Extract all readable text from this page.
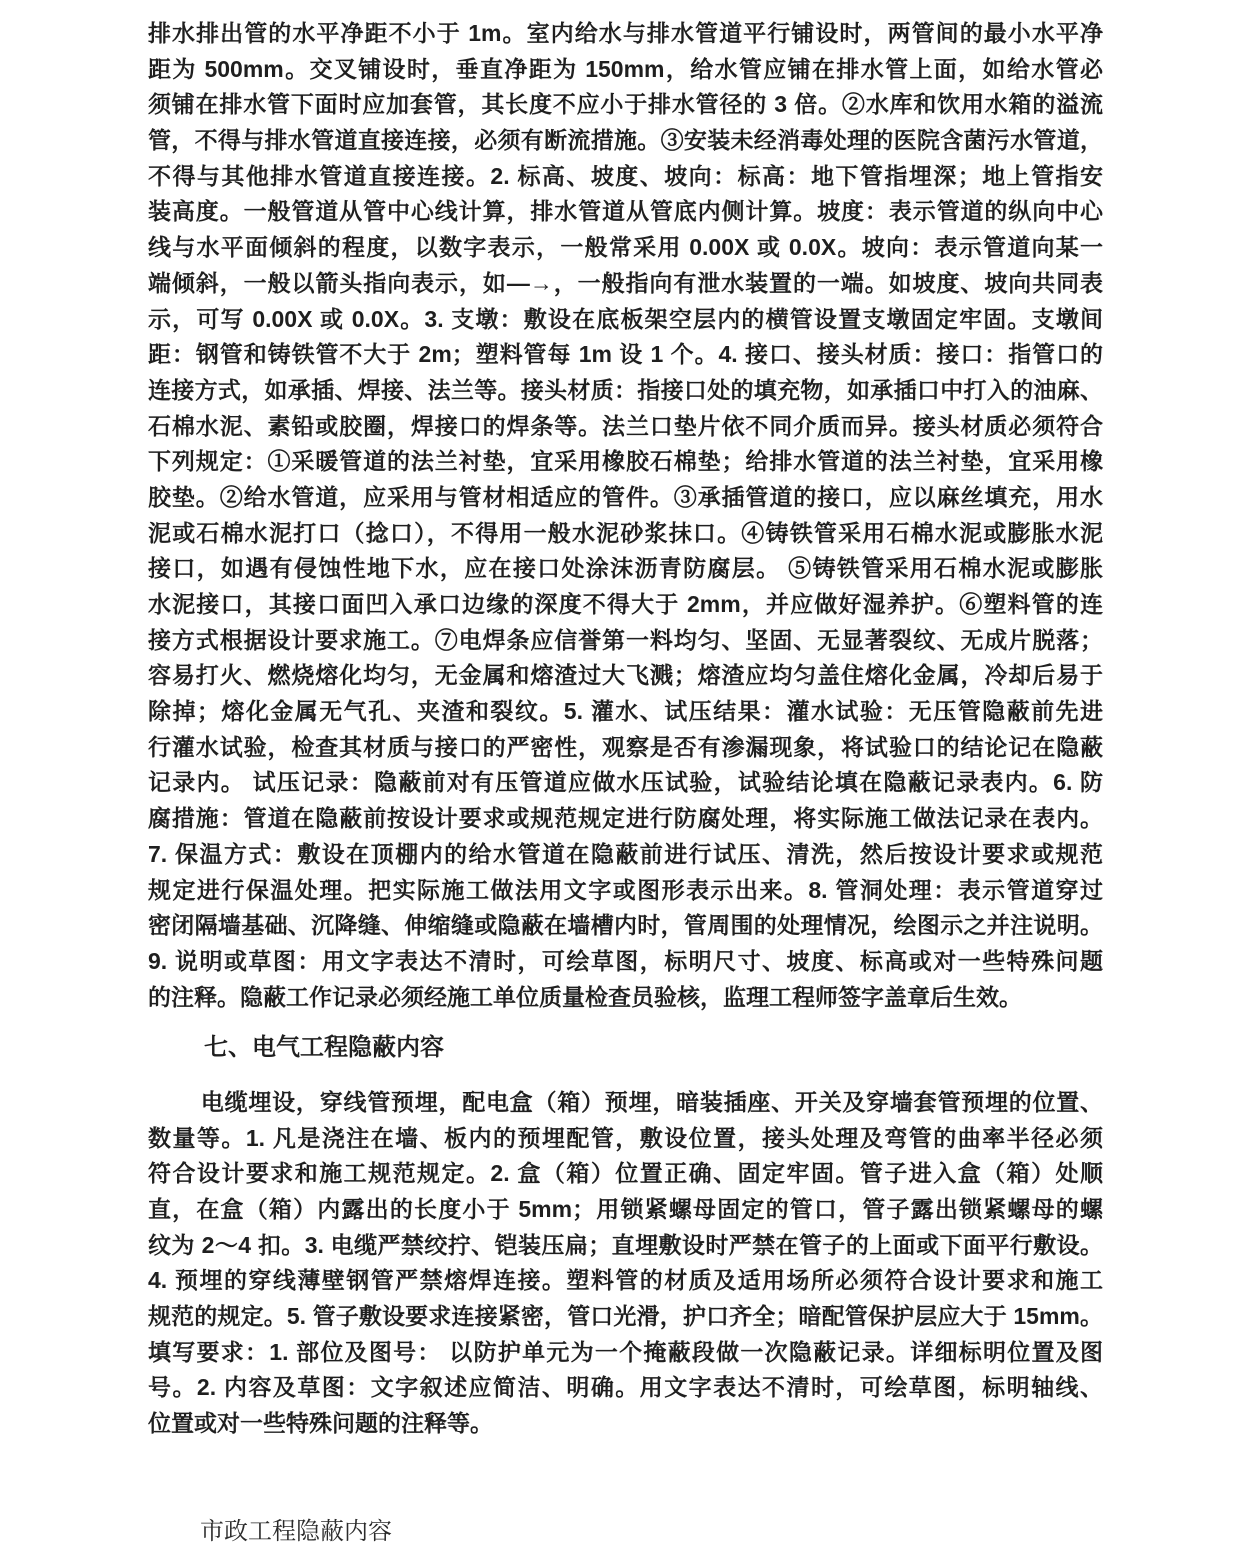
排水排出管的水平净距不小于 1m。室内给水与排水管道平行铺设时，两管间的最小水平净
距为 500mm。交叉铺设时，垂直净距为 150mm，给水管应铺在排水管上面，如给水管必
须铺在排水管下面时应加套管，其长度不应小于排水管径的 3 倍。②水库和饮用水箱的溢流
管，不得与排水管道直接连接，必须有断流措施。③安装未经消毒处理的医院含菌污水管道，
不得与其他排水管道直接连接。2. 标高、坡度、坡向：标高：地下管指埋深；地上管指安
装高度。一般管道从管中心线计算，排水管道从管底内侧计算。坡度：表示管道的纵向中心
线与水平面倾斜的程度，以数字表示，一般常采用 0.00X 或 0.0X。坡向：表示管道向某一
端倾斜，一般以箭头指向表示，如—→，一般指向有泄水装置的一端。如坡度、坡向共同表
示，可写 0.00X 或 0.0X。3. 支墩：敷设在底板架空层内的横管设置支墩固定牢固。支墩间
距：钢管和铸铁管不大于 2m；塑料管每 1m 设 1 个。4. 接口、接头材质：接口：指管口的
连接方式，如承插、焊接、法兰等。接头材质：指接口处的填充物，如承插口中打入的油麻、
石棉水泥、素铅或胶圈，焊接口的焊条等。法兰口垫片依不同介质而异。接头材质必须符合
下列规定：①采暖管道的法兰衬垫，宜采用橡胶石棉垫；给排水管道的法兰衬垫，宜采用橡
胶垫。②给水管道，应采用与管材相适应的管件。③承插管道的接口，应以麻丝填充，用水
泥或石棉水泥打口（捻口），不得用一般水泥砂浆抹口。④铸铁管采用石棉水泥或膨胀水泥
接口，如遇有侵蚀性地下水，应在接口处涂沫沥青防腐层。 ⑤铸铁管采用石棉水泥或膨胀
水泥接口，其接口面凹入承口边缘的深度不得大于 2mm，并应做好湿养护。⑥塑料管的连
接方式根据设计要求施工。⑦电焊条应信誉第一料均匀、坚固、无显著裂纹、无成片脱落；
容易打火、燃烧熔化均匀，无金属和熔渣过大飞溅；熔渣应均匀盖住熔化金属，冷却后易于
除掉；熔化金属无气孔、夹渣和裂纹。5. 灌水、试压结果：灌水试验：无压管隐蔽前先进
行灌水试验，检查其材质与接口的严密性，观察是否有渗漏现象，将试验口的结论记在隐蔽
记录内。 试压记录：隐蔽前对有压管道应做水压试验，试验结论填在隐蔽记录表内。6. 防
腐措施：管道在隐蔽前按设计要求或规范规定进行防腐处理，将实际施工做法记录在表内。
7. 保温方式：敷设在顶棚内的给水管道在隐蔽前进行试压、清洗，然后按设计要求或规范
规定进行保温处理。把实际施工做法用文字或图形表示出来。8. 管洞处理：表示管道穿过
密闭隔墙基础、沉降缝、伸缩缝或隐蔽在墙槽内时，管周围的处理情况，绘图示之并注说明。
9. 说明或草图：用文字表达不清时，可绘草图，标明尺寸、坡度、标高或对一些特殊问题
的注释。隐蔽工作记录必须经施工单位质量检查员验核，监理工程师签字盖章后生效。
七、电气工程隐蔽内容
电缆埋设，穿线管预埋，配电盒（箱）预埋，暗装插座、开关及穿墙套管预埋的位置、
数量等。1. 凡是浇注在墙、板内的预埋配管，敷设位置，接头处理及弯管的曲率半径必须
符合设计要求和施工规范规定。2. 盒（箱）位置正确、固定牢固。管子进入盒（箱）处顺
直，在盒（箱）内露出的长度小于 5mm；用锁紧螺母固定的管口，管子露出锁紧螺母的螺
纹为 2～4 扣。3. 电缆严禁绞拧、铠装压扁；直埋敷设时严禁在管子的上面或下面平行敷设。
4. 预埋的穿线薄壁钢管严禁熔焊连接。塑料管的材质及适用场所必须符合设计要求和施工
规范的规定。5. 管子敷设要求连接紧密，管口光滑，护口齐全；暗配管保护层应大于 15mm。
填写要求：1. 部位及图号： 以防护单元为一个掩蔽段做一次隐蔽记录。详细标明位置及图
号。2. 内容及草图：文字叙述应简洁、明确。用文字表达不清时，可绘草图，标明轴线、
位置或对一些特殊问题的注释等。
市政工程隐蔽内容
